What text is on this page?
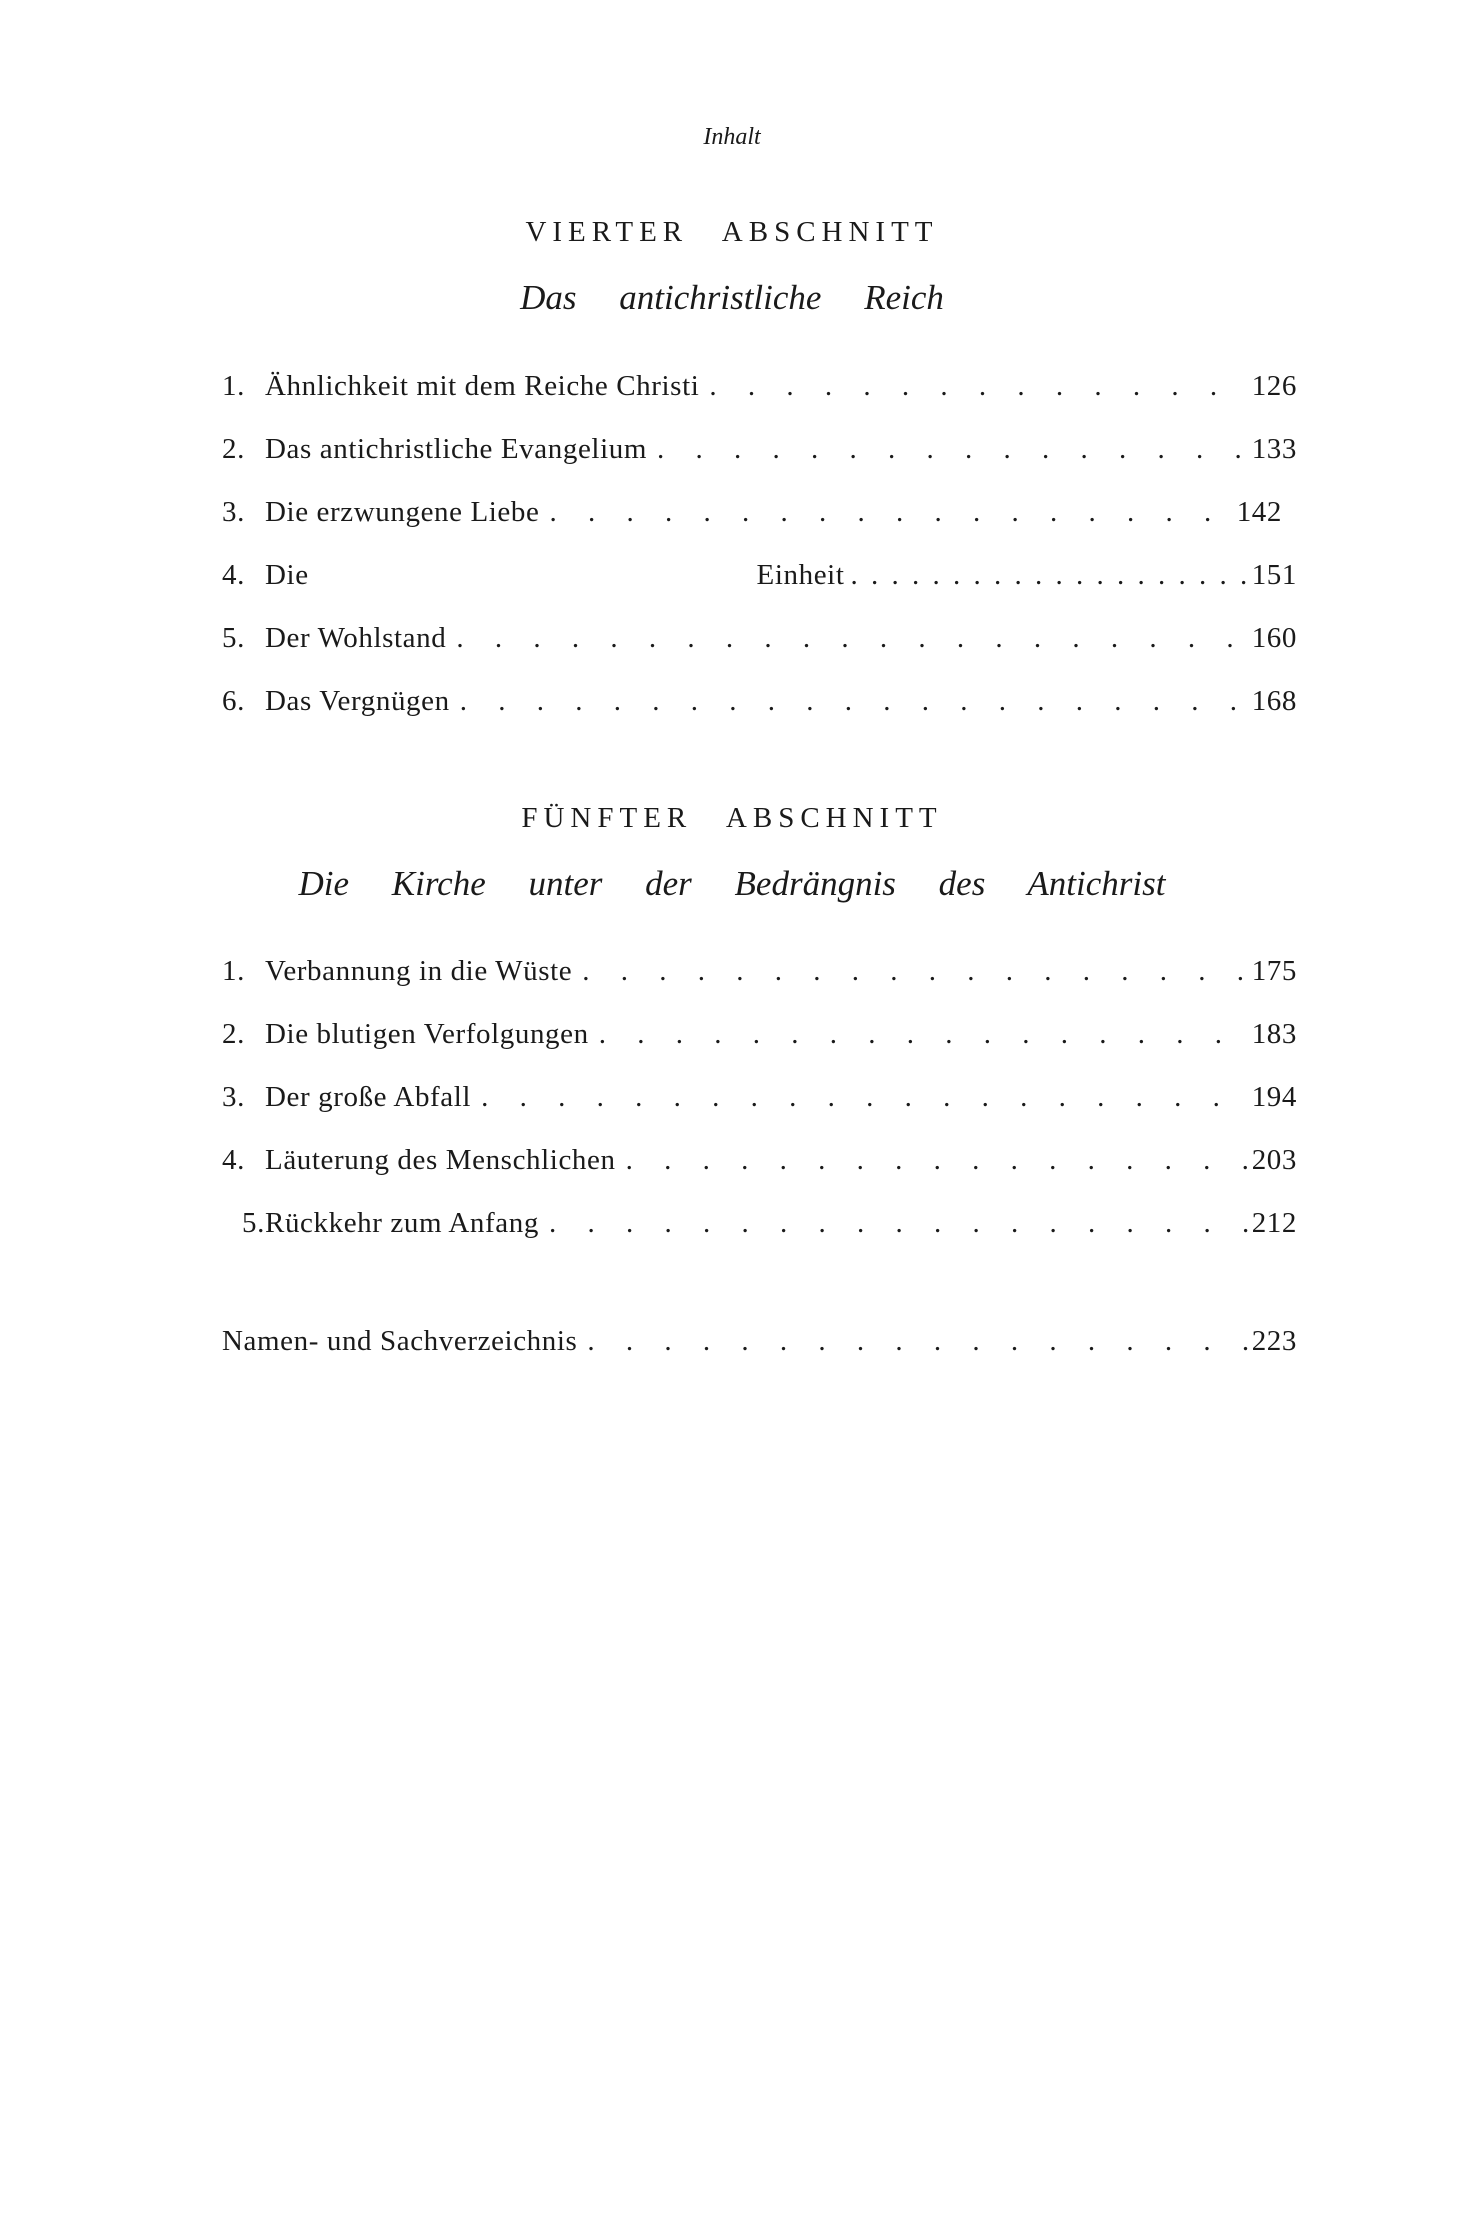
Inhalt
VIERTER ABSCHNITT
Das antichristliche Reich
1. Ähnlichkeit mit dem Reiche Christi . . .	126
2. Das antichristliche Evangelium . . .	133
3. Die erzwungene Liebe . . .	142
4. Die Einheit . . .	151
5. Der Wohlstand . . .	160
6. Das Vergnügen . . .	168
FÜNFTER ABSCHNITT
Die Kirche unter der Bedrängnis des Antichrist
1. Verbannung in die Wüste . . .	175
2. Die blutigen Verfolgungen . . .	183
3. Der große Abfall . . .	194
4. Läuterung des Menschlichen . . .	203
5. Rückkehr zum Anfang . . .	212
Namen- und Sachverzeichnis . . .	223
